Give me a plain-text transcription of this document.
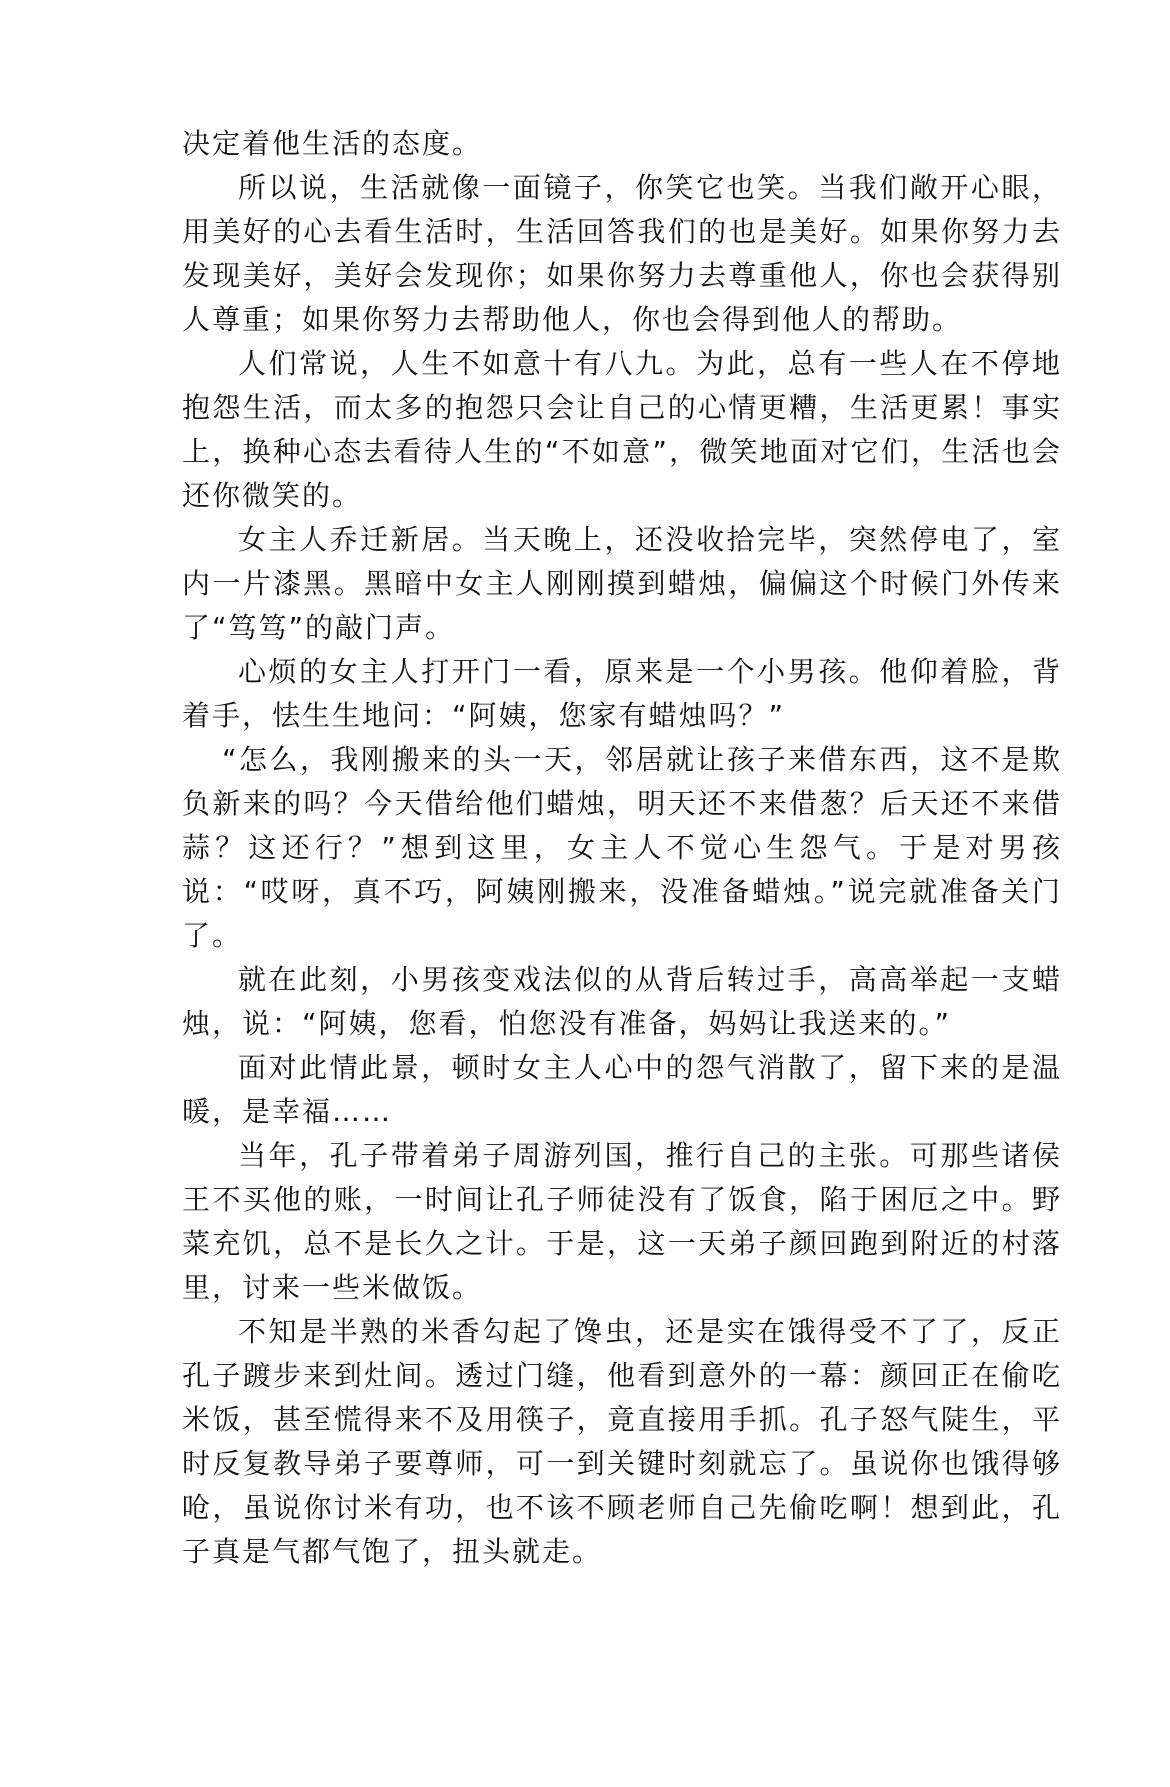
决定着他生活的态度。

所以说，生活就像一面镜子，你笑它也笑。当我们敞开心眼，用美好的心去看生活时，生活回答我们的也是美好。如果你努力去发现美好，美好会发现你；如果你努力去尊重他人，你也会获得别人尊重；如果你努力去帮助他人，你也会得到他人的帮助。

人们常说，人生不如意十有八九。为此，总有一些人在不停地抱怨生活，而太多的抱怨只会让自己的心情更糟，生活更累！事实上，换种心态去看待人生的“不如意”，微笑地面对它们，生活也会还你微笑的。

女主人乔迁新居。当天晚上，还没收拾完毕，突然停电了，室内一片漆黑。黑暗中女主人刚刚摸到蜡烛，偏偏这个时候门外传来了“笃笃”的敲门声。

心烦的女主人打开门一看，原来是一个小男孩。他仰着脸，背着手，怯生生地问：“阿姨，您家有蜡烛吗？”

“怎么，我刚搬来的头一天，邻居就让孩子来借东西，这不是欺负新来的吗？今天借给他们蜡烛，明天还不来借葱？后天还不来借蒜？这还行？”想到这里，女主人不觉心生怨气。于是对男孩说：“哎呀，真不巧，阿姨刚搬来，没准备蜡烛。”说完就准备关门了。

就在此刻，小男孩变戏法似的从背后转过手，高高举起一支蜡烛，说：“阿姨，您看，怕您没有准备，妈妈让我送来的。”

面对此情此景，顿时女主人心中的怨气消散了，留下来的是温暖，是幸福……

当年，孔子带着弟子周游列国，推行自己的主张。可那些诸侯王不买他的账，一时间让孔子师徒没有了饭食，陷于困厄之中。野菜充饥，总不是长久之计。于是，这一天弟子颜回跑到附近的村落里，讨来一些米做饭。

不知是半熟的米香勾起了馋虫，还是实在饿得受不了了，反正孔子踱步来到灶间。透过门缝，他看到意外的一幕：颜回正在偷吃米饭，甚至慌得来不及用筷子，竟直接用手抓。孔子怒气陡生，平时反复教导弟子要尊师，可一到关键时刻就忘了。虽说你也饿得够呛，虽说你讨米有功，也不该不顾老师自己先偷吃啊！想到此，孔子真是气都气饱了，扭头就走。
